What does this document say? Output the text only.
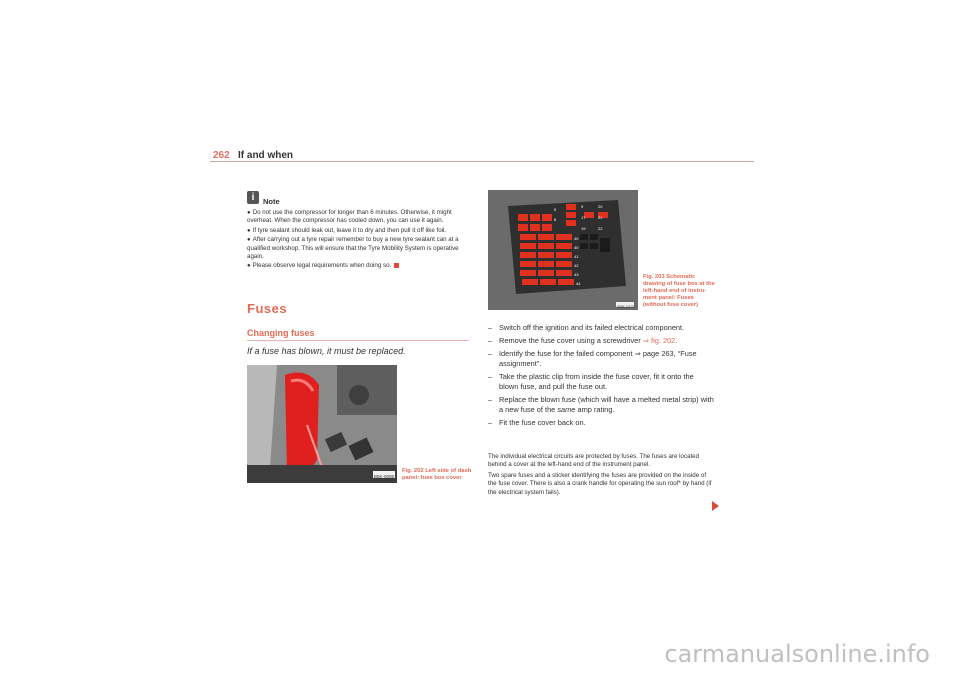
262 If and when
i	Note
● Do not use the compressor for longer than 6 minutes. Otherwise, it might overheat. When the compressor has cooled down, you can use it again.
● If tyre sealant should leak out, leave it to dry and then pull it off like foil.
● After carrying out a tyre repair remember to buy a new tyre sealant can at a qualified workshop. This will ensure that the Tyre Mobility System is operative again.
● Please observe legal requirements when doing so.
Fuses
Changing fuses
If a fuse has blown, it must be replaced.
B5K-0098
Fig. 202 Left side of dash panel: fuse box cover
5
9	20
8	17	21
19	22
40
40
41
42
43
44
B5K-0102
Fig. 203 Schematic drawing of fuse box at the left-hand end of instrument panel: Fuses (without fuse cover)
– Switch off the ignition and its failed electrical component.
– Remove the fuse cover using a screwdriver ⇒ fig. 202.
– Identify the fuse for the failed component ⇒ page 263, “Fuse assignment”.
– Take the plastic clip from inside the fuse cover, fit it onto the blown fuse, and pull the fuse out.
– Replace the blown fuse (which will have a melted metal strip) with a new fuse of the same amp rating.
– Fit the fuse cover back on.
The individual electrical circuits are protected by fuses. The fuses are located behind a cover at the left-hand end of the instrument panel.
Two spare fuses and a sticker identifying the fuses are provided on the inside of the fuse cover. There is also a crank handle for operating the sun roof* by hand (if the electrical system fails).
carmanualsonline.info
